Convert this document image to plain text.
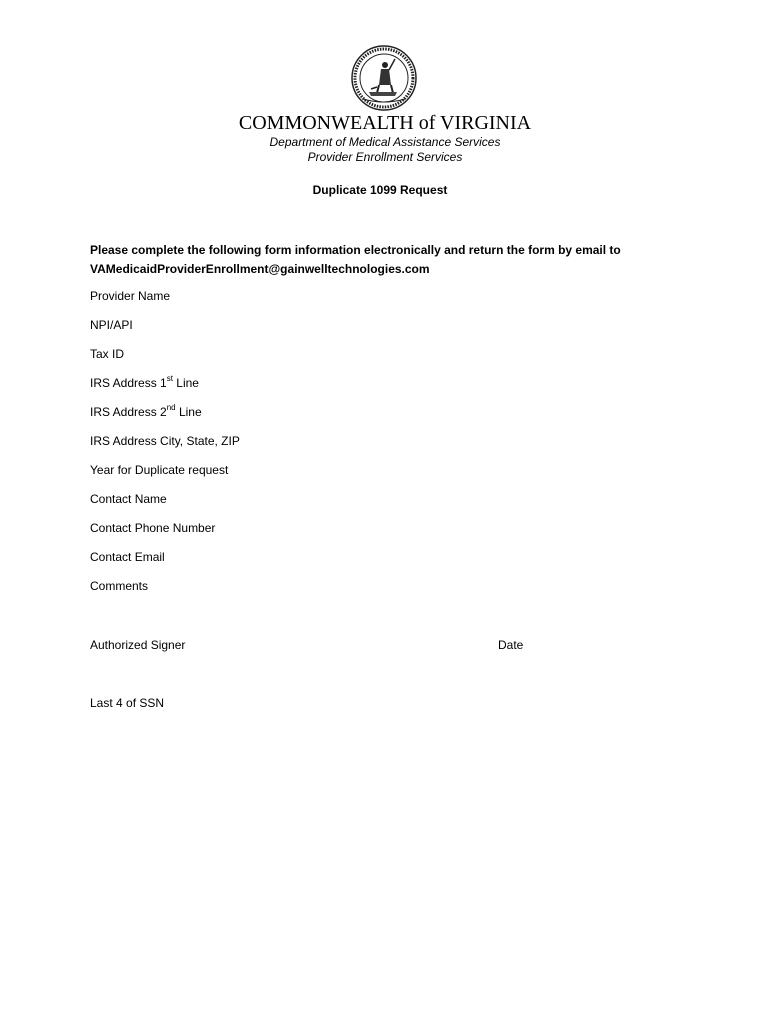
COMMONWEALTH of VIRGINIA
Department of Medical Assistance Services
Provider Enrollment Services
Duplicate 1099 Request
Please complete the following form information electronically and return the form by email to
VAMedicaidProviderEnrollment@gainwelltechnologies.com
Provider Name
NPI/API
Tax ID
IRS Address 1st Line
IRS Address 2nd Line
IRS Address City, State, ZIP
Year for Duplicate request
Contact Name
Contact Phone Number
Contact Email
Comments
Authorized Signer	Date
Last 4 of SSN
